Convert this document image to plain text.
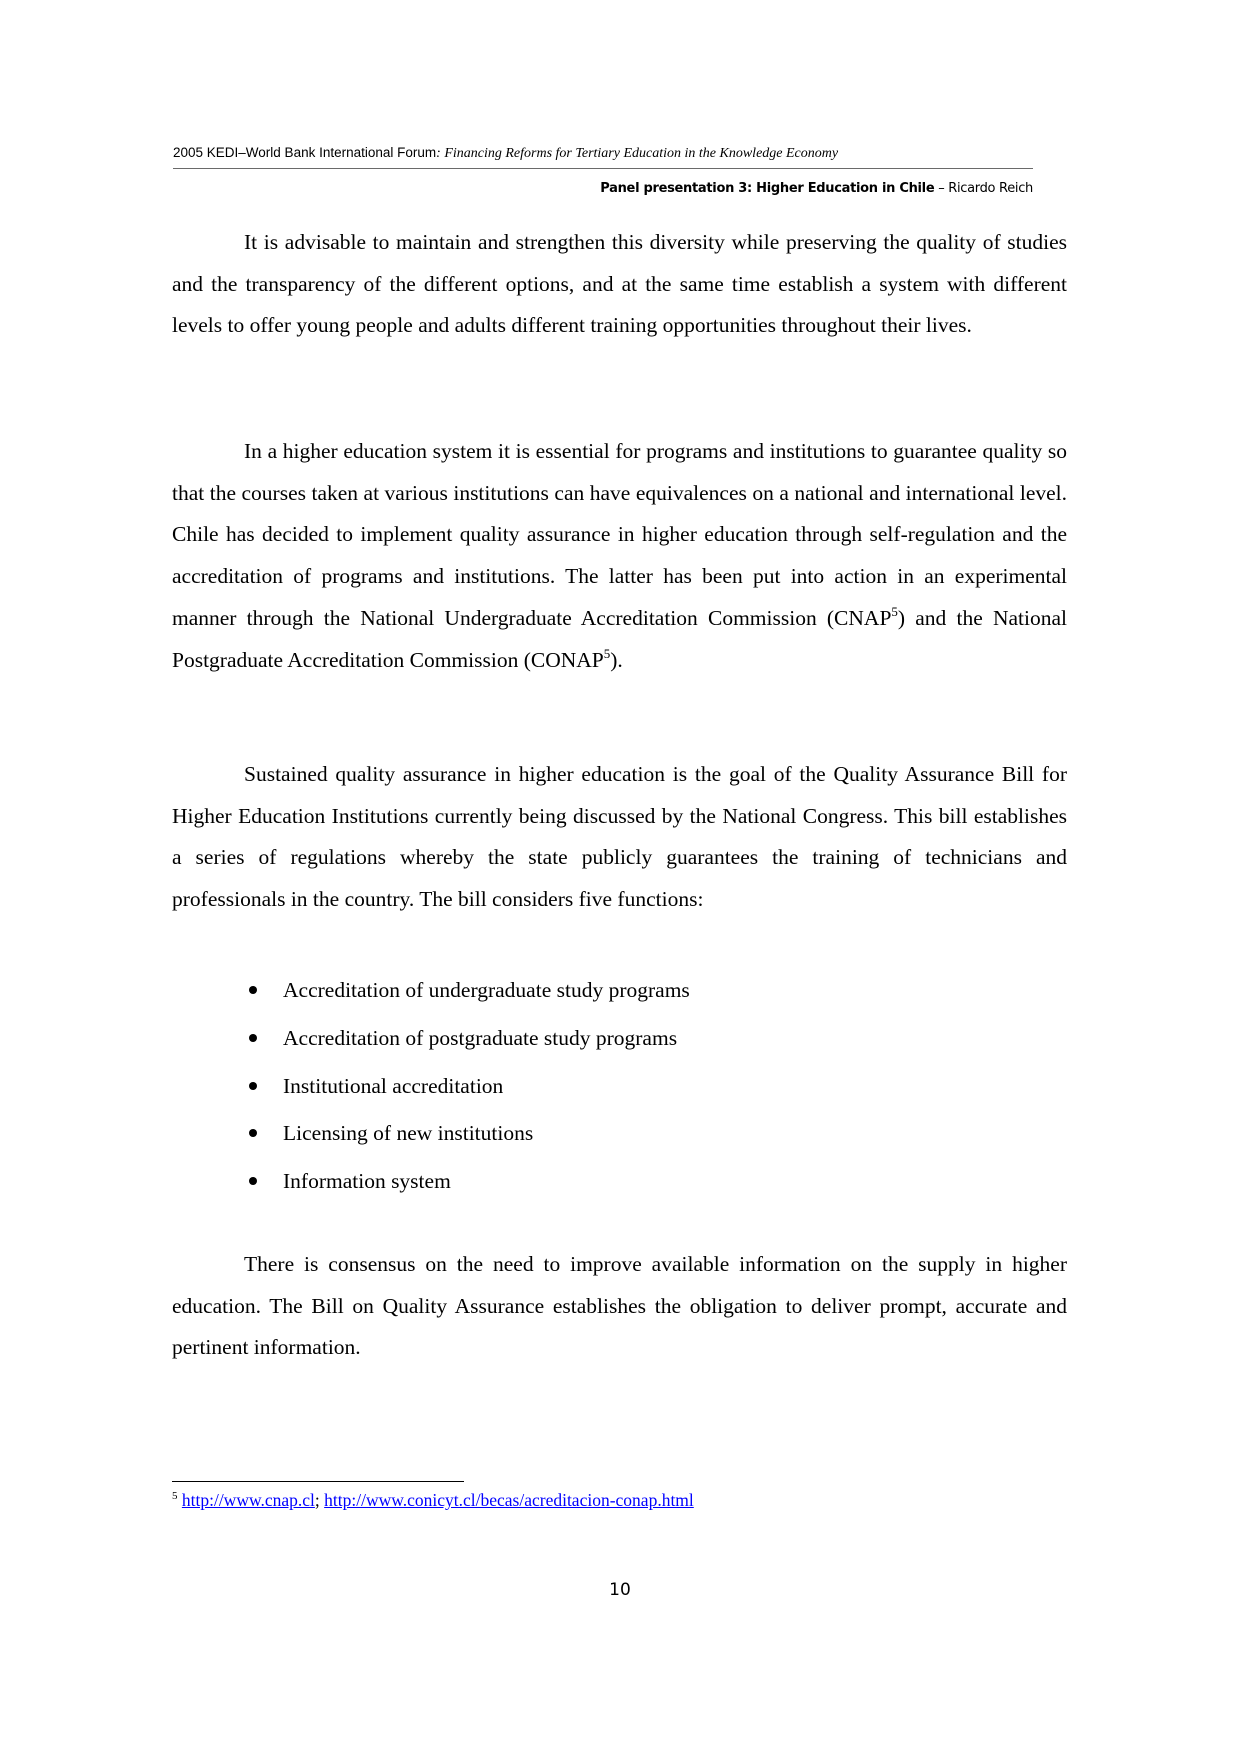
2005 KEDI–World Bank International Forum: Financing Reforms for Tertiary Education in the Knowledge Economy
Panel presentation 3: Higher Education in Chile – Ricardo Reich

It is advisable to maintain and strengthen this diversity while preserving the quality of studies and the transparency of the different options, and at the same time establish a system with different levels to offer young people and adults different training opportunities throughout their lives.

In a higher education system it is essential for programs and institutions to guarantee quality so that the courses taken at various institutions can have equivalences on a national and international level. Chile has decided to implement quality assurance in higher education through self-regulation and the accreditation of programs and institutions. The latter has been put into action in an experimental manner through the National Undergraduate Accreditation Commission (CNAP$^5$) and the National Postgraduate Accreditation Commission (CONAP$^5$).

Sustained quality assurance in higher education is the goal of the Quality Assurance Bill for Higher Education Institutions currently being discussed by the National Congress. This bill establishes a series of regulations whereby the state publicly guarantees the training of technicians and professionals in the country. The bill considers five functions:

Accreditation of undergraduate study programs
Accreditation of postgraduate study programs
Institutional accreditation
Licensing of new institutions
Information system

There is consensus on the need to improve available information on the supply in higher education. The Bill on Quality Assurance establishes the obligation to deliver prompt, accurate and pertinent information.

$^5$ http://www.cnap.cl; http://www.conicyt.cl/becas/acreditacion-conap.html
10
